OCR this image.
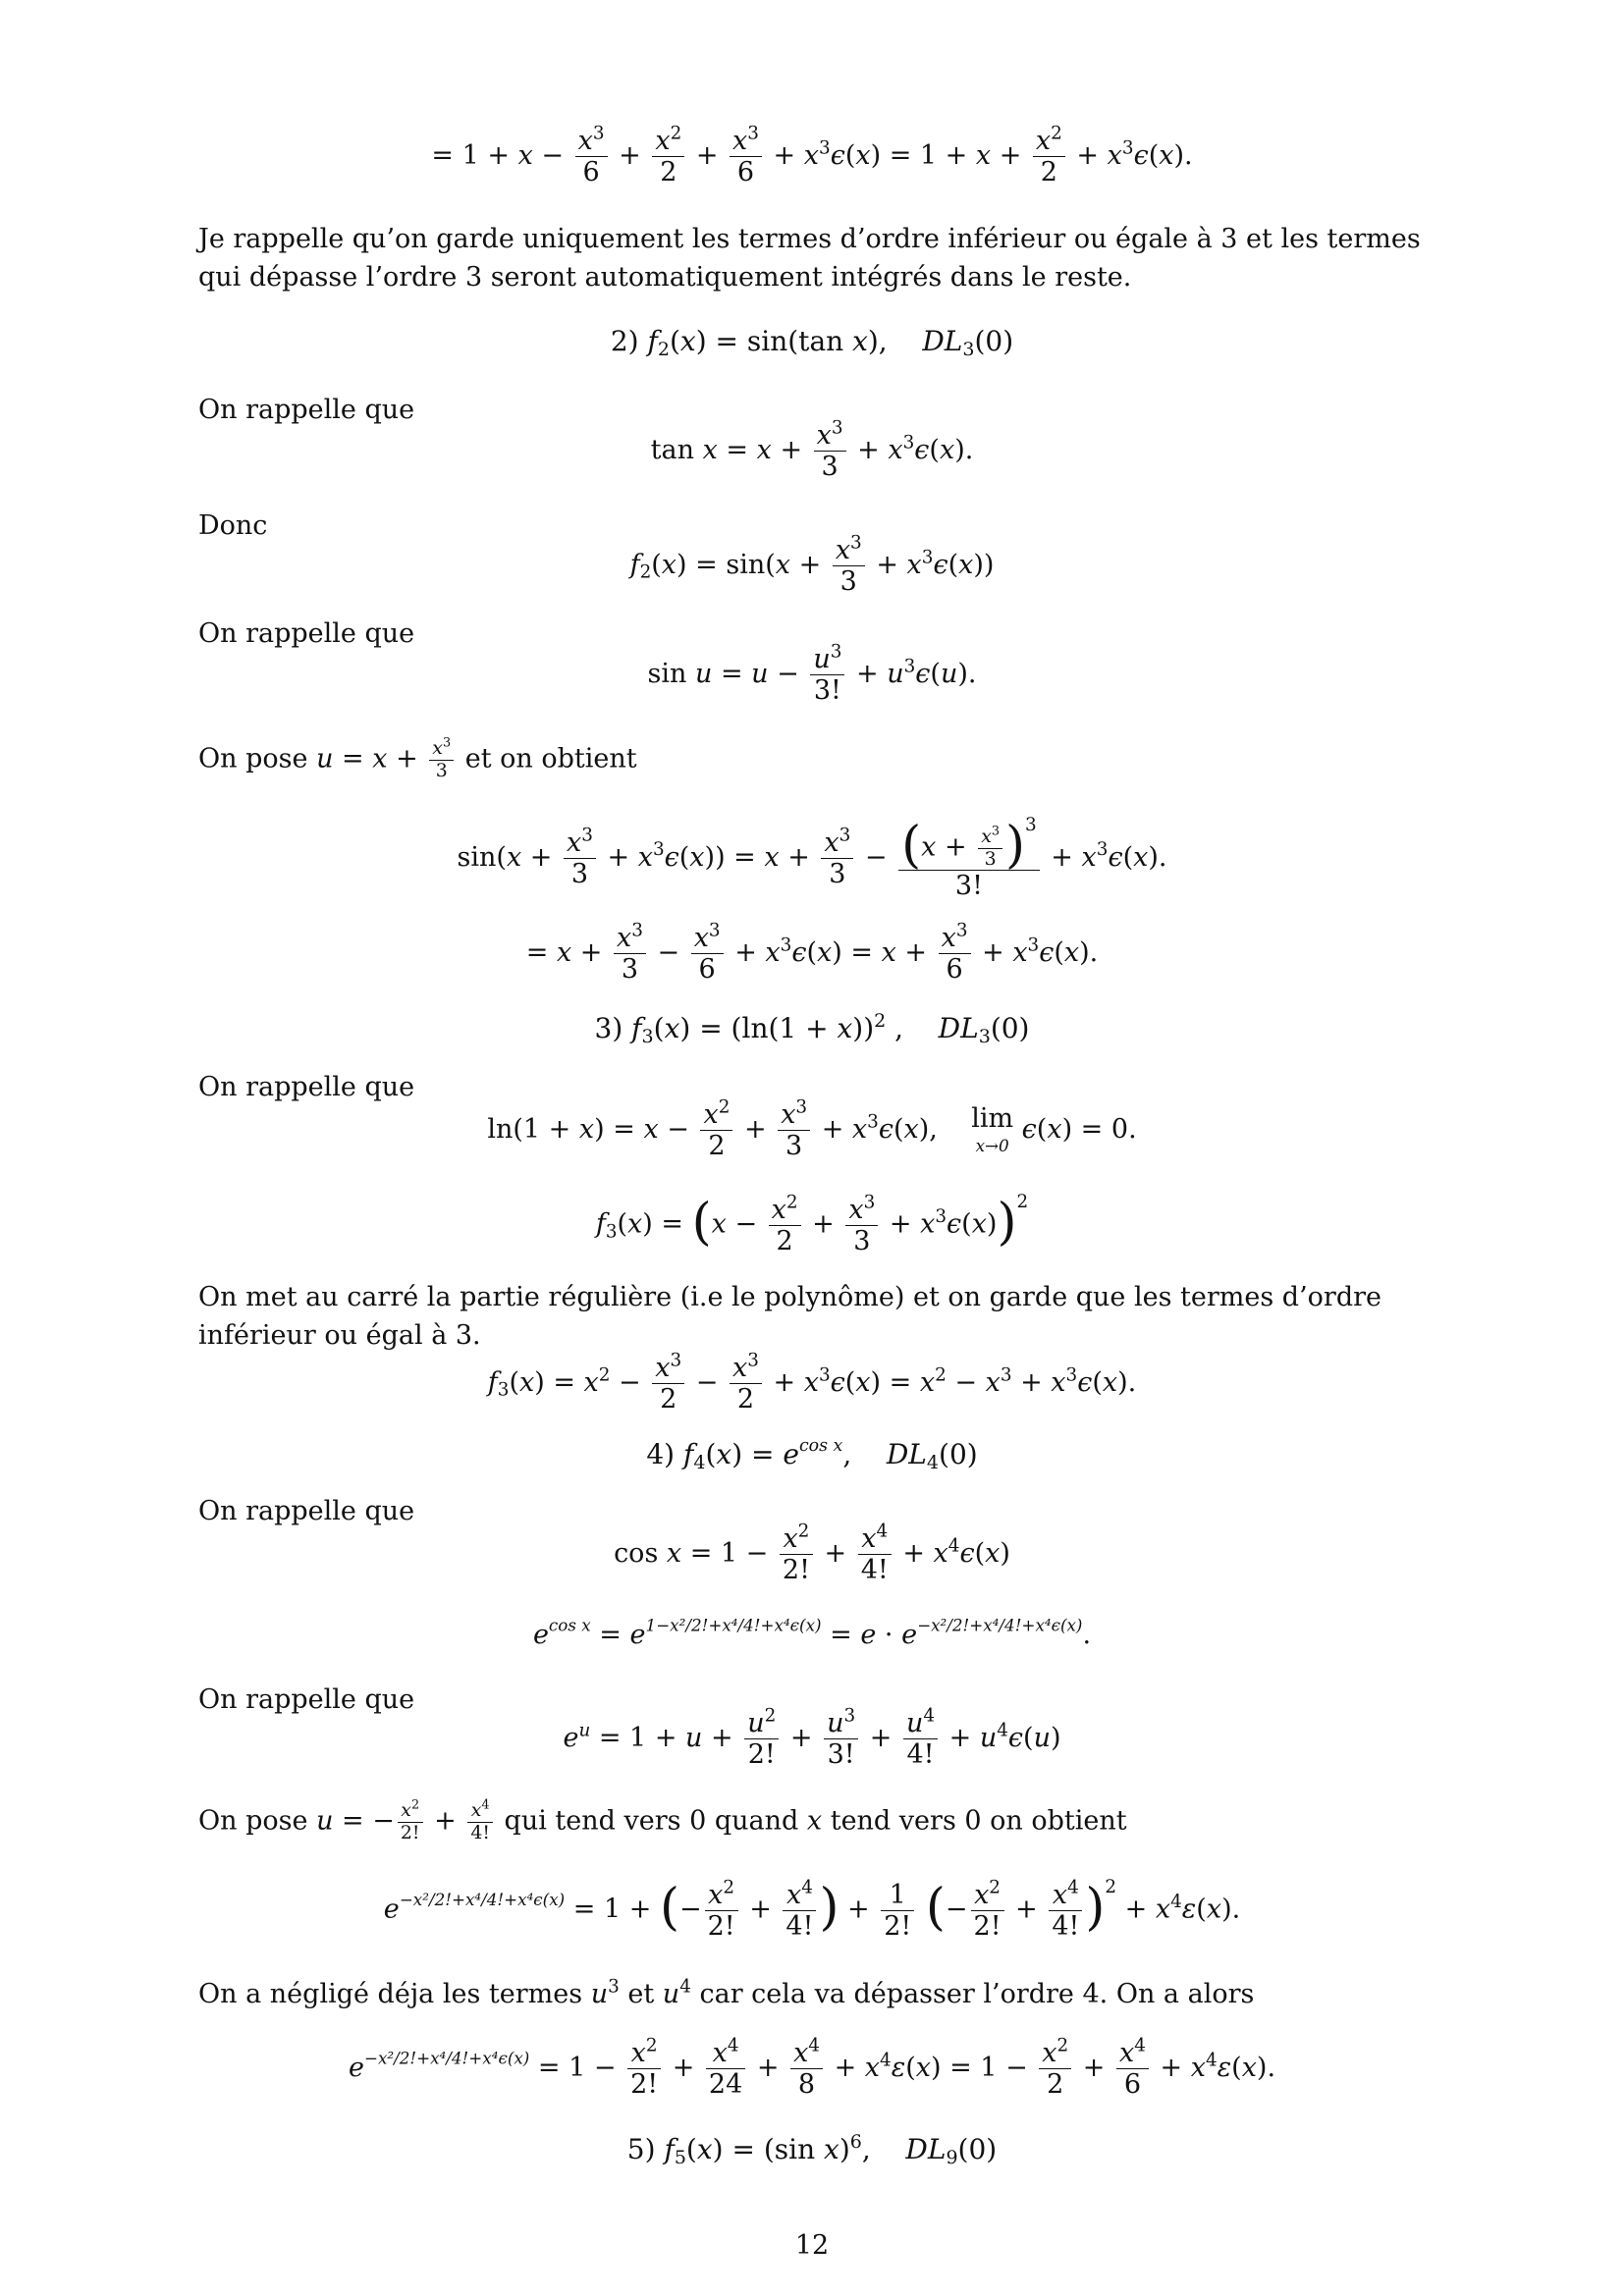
= $1 + x - \frac{x^3}{6} + \frac{x^2}{2} + \frac{x^3}{6} + x^3\epsilon(x) = 1 + x + \frac{x^2}{2} + x^3\epsilon(x)$.

Je rappelle qu’on garde uniquement les termes d’ordre inférieur ou égale à 3 et les termes qui dépasse l’ordre 3 seront automatiquement intégrés dans le reste.

2) $f_2(x) = \sin(\tan$ x),    $DL_3(0)$

On rappelle que

$\tan x = x + \frac{x^3}{3} + x^3\epsilon(x)$.

Donc

$f_2(x) = \sin(x + \frac{x^3}{3} + x^3\epsilon(x))$

On rappelle que

$\sin u = u - \frac{u^3}{3!} + u^3\epsilon(u)$.

On pose $u = x + \frac{x^3}{3}$ et on obtient

$\sin(x + \frac{x^3}{3} + x^3\epsilon(x)) = x + \frac{x^3}{3} - \frac{(x + \frac{x^3}{3} )^3}{3!} + x^3\epsilon(x)$.
= $x + \frac{x^3}{3} - \frac{x^3}{6} + x^3\epsilon(x) = x + \frac{x^3}{6} + x^3\epsilon(x)$.
3) $f_3(x) = (\ln(1 + x))^2$ ,    $DL_3(0)$

On rappelle que

$\ln(1 + x) = x - \frac{x^2}{2} + \frac{x^3}{3} + x^3\epsilon(x)$,    lim
x→0
ϵ(x) = 0.
$f_3(x) = (x - \frac{x^2}{2} + \frac{x^3}{3} + x^3\epsilon(x))^2$

On met au carré la partie régulière (i.e le polynôme) et on garde que les termes d’ordre inférieur ou égal à 3.

$f_3(x) = x^2 - \frac{x^3}{2} - \frac{x^3}{2} + x^3\epsilon(x) = x^2 - x^3 + x^3\epsilon(x)$.
4) $f_4(x) = e^{cos x}$,    $DL_4(0)$

On rappelle que

$\cos x = 1 - \frac{x^2}{2!} + \frac{x^4}{4!} + x^4\epsilon(x)$
$e^{cos x} = e^{1-x^2/2!+x^4/4!+x^4\epsilon(x)} = e \cdot e^{-x^2/2!+x^4/4!+x^4\epsilon(x)}$.

On rappelle que

$e^u = 1 + u + \frac{u^2}{2!} + \frac{u^3}{3!} + \frac{u^4}{4!} + u^4\epsilon(u)$

On pose u = − $\frac{x^2}{2!} + \frac{x^4}{4!}$ qui tend vers 0 quand x tend vers 0 on obtient

$e^{-x^2/2!+x^4/4!+x^4\epsilon(x)} = 1$ + (− $\frac{x^2}{2!} + \frac{x^4}{4!}$ ) + $\frac{1}{2!}$ (− $\frac{x^2}{2!} + \frac{x^4}{4!} )^2 + x^4\varepsilon(x)$.

On a négligé déja les termes $u^3$ et $u^4$ car cela va dépasser l’ordre 4. On a alors

$e^{-x^2/2!+x^4/4!+x^4\epsilon(x)} = 1 - \frac{x^2}{2!} + \frac{x^4}{24} + \frac{x^4}{8} + x^4\varepsilon(x) = 1 - \frac{x^2}{2} + \frac{x^4}{6} + x^4\varepsilon(x)$.
5) $f_5(x) = (\sin$ x)$^6$,    $DL_9(0)$
12
